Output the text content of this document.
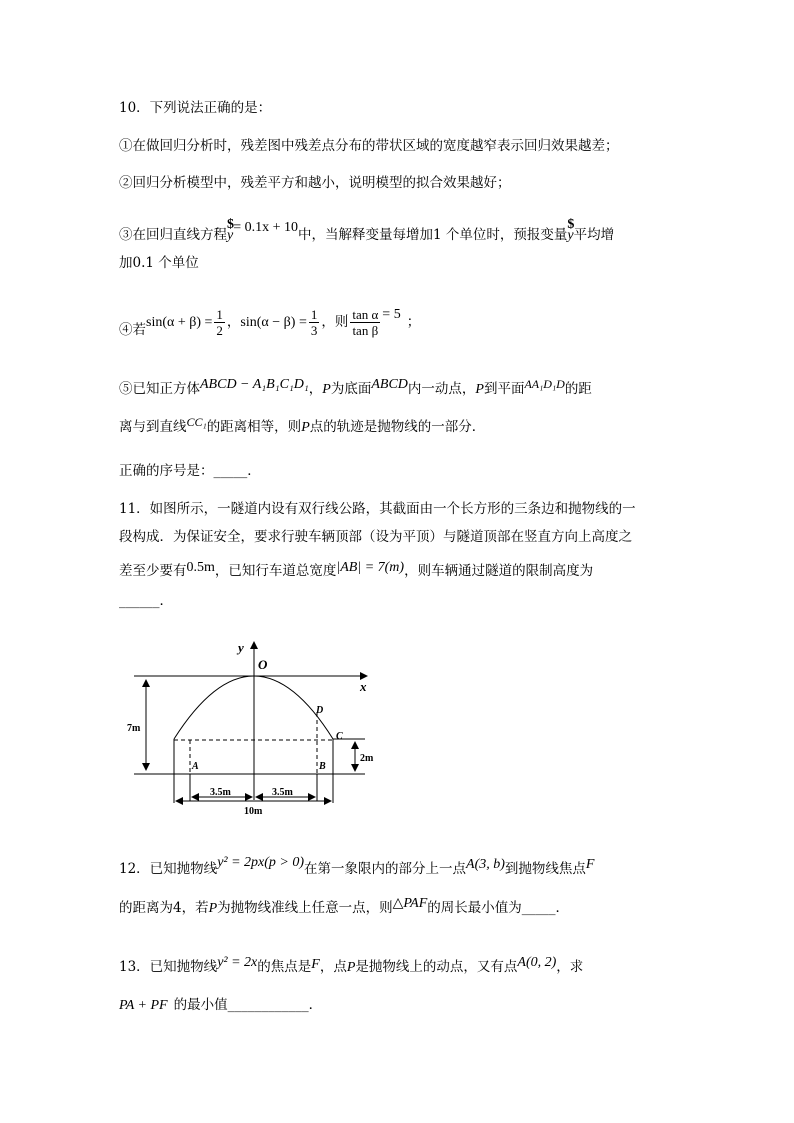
10．下列说法正确的是：
①在做回归分析时，残差图中残差点分布的带状区域的宽度越窄表示回归效果越差；
②回归分析模型中，残差平方和越小，说明模型的拟合效果越好；
③在回归直线方程
$
y= 0.1x + 10中，当解释变量每增加1 个单位时，预报变量
$
y平均增
加0.1 个单位
④若$\sin(\alpha + \beta) = \frac{1}{2}$ ，$\sin(\alpha - \beta) = \frac{1}{3}$ ，则 $\frac{\text{tan α}}{\text{tan β}} = 5$ ；
⑤已知正方体ABCD − A₁B₁C₁D₁，P为底面ABCD内一动点，P到平面AA₁D₁D的距
离与到直线CC₁的距离相等，则P点的轨迹是抛物线的一部分．
正确的序号是：_____．
11．如图所示，一隧道内设有双行线公路，其截面由一个长方形的三条边和抛物线的一
段构成．为保证安全，要求行驶车辆顶部（设为平顶）与隧道顶部在竖直方向上高度之
差至少要有0.5m，已知行车道总宽度|AB| = 7(m)，则车辆通过隧道的限制高度为
______．
y
O
x
7m
2m
D
C
A	B
3.5m	3.5m
10m
12．已知抛物线y² = 2px(p > 0)在第一象限内的部分上一点A(3, b)到抛物线焦点F
的距离为4，若P为抛物线准线上任意一点，则△PAF的周长最小值为_____．
13．已知抛物线y² = 2x的焦点是F，点P是抛物线上的动点，又有点A(0, 2)，求
PA + PF 的最小值____________．
